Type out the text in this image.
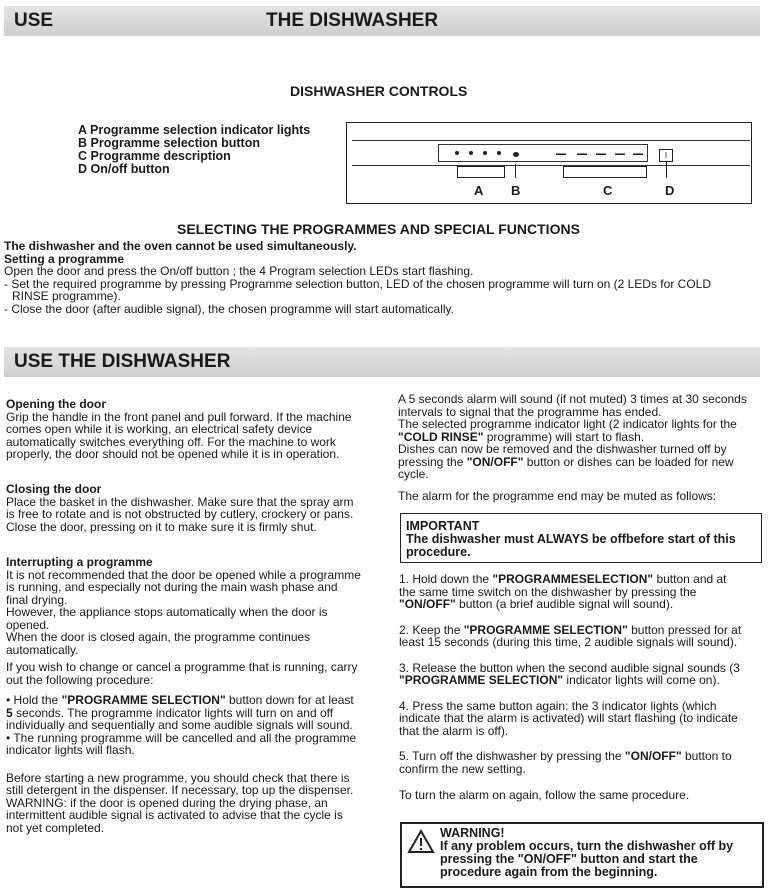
USE	THE DISHWASHER
DISHWASHER CONTROLS
A Programme selection indicator lights
B Programme selection button
C Programme description
D On/off button
▬▬ ▬▬ ▬▬ ▬▬ ▬▬	I
A B	C	D
SELECTING THE PROGRAMMES AND SPECIAL FUNCTIONS
The dishwasher and the oven cannot be used simultaneously.
Setting a programme
Open the door and press the On/off button ; the 4 Program selection LEDs start flashing.
- Set the required programme by pressing Programme selection button, LED of the chosen programme will turn on (2 LEDs for COLD
RINSE programme).
- Close the door (after audible signal), the chosen programme will start automatically.
USE THE DISHWASHER
Opening the door
Grip the handle in the front panel and pull forward. If the machine
comes open while it is working, an electrical safety device
automatically switches everything off. For the machine to work
properly, the door should not be opened while it is in operation.
Closing the door
Place the basket in the dishwasher. Make sure that the spray arm
is free to rotate and is not obstructed by cutlery, crockery or pans.
Close the door, pressing on it to make sure it is firmly shut.
Interrupting a programme
It is not recommended that the door be opened while a programme
is running, and especially not during the main wash phase and
final drying.
However, the appliance stops automatically when the door is
opened.
When the door is closed again, the programme continues
automatically.
If you wish to change or cancel a programme that is running, carry
out the following procedure:
• Hold the "PROGRAMME SELECTION" button down for at least
5 seconds. The programme indicator lights will turn on and off
individually and sequentially and some audible signals will sound.
• The running programme will be cancelled and all the programme
indicator lights will flash.
Before starting a new programme, you should check that there is
still detergent in the dispenser. If necessary, top up the dispenser.
WARNING: if the door is opened during the drying phase, an
intermittent audible signal is activated to advise that the cycle is
not yet completed.
A 5 seconds alarm will sound (if not muted) 3 times at 30 seconds
intervals to signal that the programme has ended.
The selected programme indicator light (2 indicator lights for the
"COLD RINSE" programme) will start to flash.
Dishes can now be removed and the dishwasher turned off by
pressing the "ON/OFF" button or dishes can be loaded for new
cycle.
The alarm for the programme end may be muted as follows:
IMPORTANT
The dishwasher must ALWAYS be offbefore start of this
procedure.
1. Hold down the "PROGRAMMESELECTION" button and at
the same time switch on the dishwasher by pressing the
"ON/OFF" button (a brief audible signal will sound).
2. Keep the "PROGRAMME SELECTION" button pressed for at
least 15 seconds (during this time, 2 audible signals will sound).
3. Release the button when the second audible signal sounds (3
"PROGRAMME SELECTION" indicator lights will come on).
4. Press the same button again: the 3 indicator lights (which
indicate that the alarm is activated) will start flashing (to indicate
that the alarm is off).
5. Turn off the dishwasher by pressing the "ON/OFF" button to
confirm the new setting.
To turn the alarm on again, follow the same procedure.
WARNING!
If any problem occurs, turn the dishwasher off by
pressing the "ON/OFF" button and start the
procedure again from the beginning.
